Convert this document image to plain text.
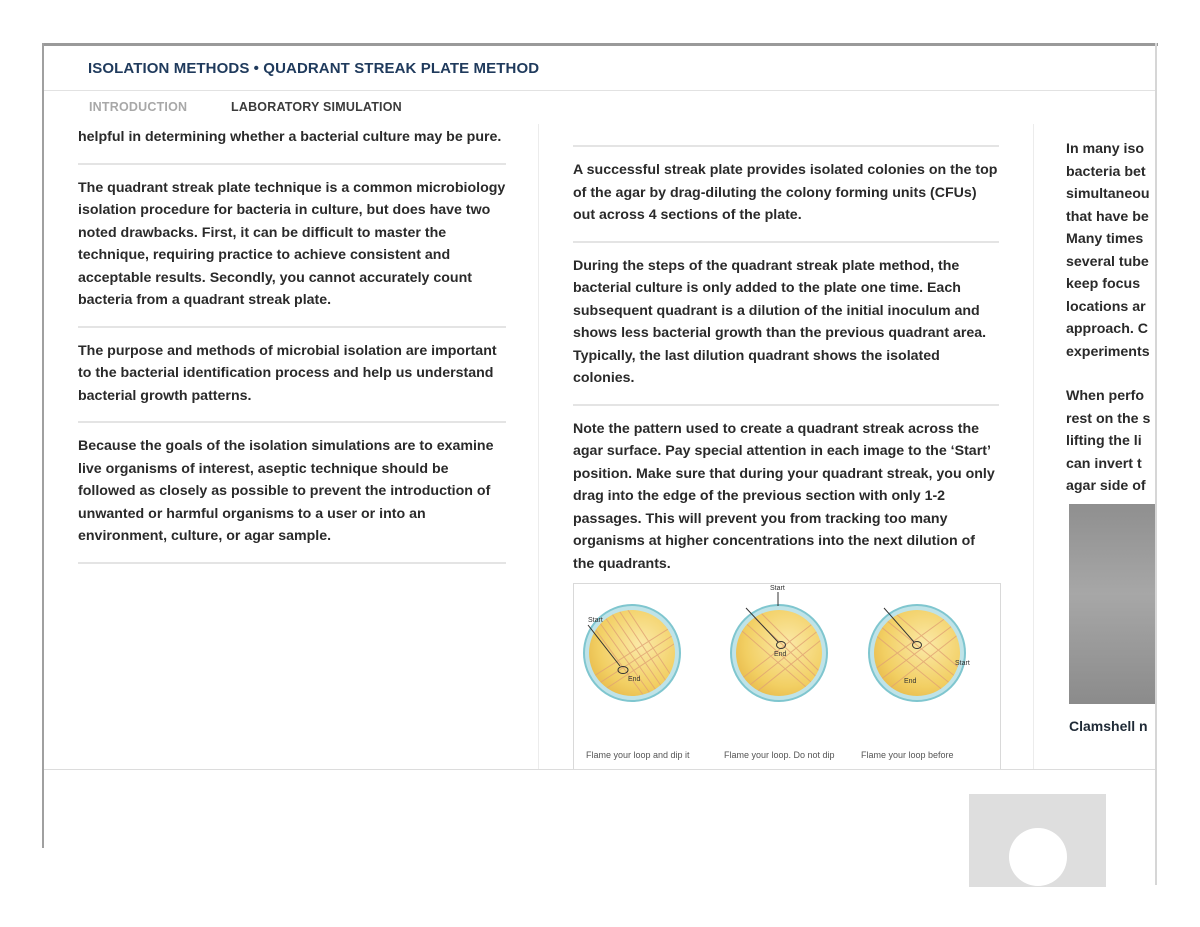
ISOLATION METHODS • QUADRANT STREAK PLATE METHOD
INTRODUCTION	LABORATORY SIMULATION

helpful in determining whether a bacterial culture may be pure.

The quadrant streak plate technique is a common microbiology isolation procedure for bacteria in culture, but does have two noted drawbacks. First, it can be difficult to master the technique, requiring practice to achieve consistent and acceptable results. Secondly, you cannot accurately count bacteria from a quadrant streak plate.

The purpose and methods of microbial isolation are important to the bacterial identification process and help us understand bacterial growth patterns.

Because the goals of the isolation simulations are to examine live organisms of interest, aseptic technique should be followed as closely as possible to prevent the introduction of unwanted or harmful organisms to a user or into an environment, culture, or agar sample.

A successful streak plate provides isolated colonies on the top of the agar by drag-diluting the colony forming units (CFUs) out across 4 sections of the plate.

During the steps of the quadrant streak plate method, the bacterial culture is only added to the plate one time. Each subsequent quadrant is a dilution of the initial inoculum and shows less bacterial growth than the previous quadrant area. Typically, the last dilution quadrant shows the isolated colonies.

Note the pattern used to create a quadrant streak across the agar surface. Pay special attention in each image to the ‘Start’ position. Make sure that during your quadrant streak, you only drag into the edge of the previous section with only 1-2 passages. This will prevent you from tracking too many organisms at higher concentrations into the next dilution of the quadrants.

Start
End
Start
End
Start
End
Flame your loop and dip it	Flame your loop. Do not dip	Flame your loop before

In many iso
bacteria bet
simultaneou
that have be
Many times
several tube
keep focus
locations ar
approach. C
experiments

When perfo
rest on the s
lifting the li
can invert t
agar side of

Clamshell n
